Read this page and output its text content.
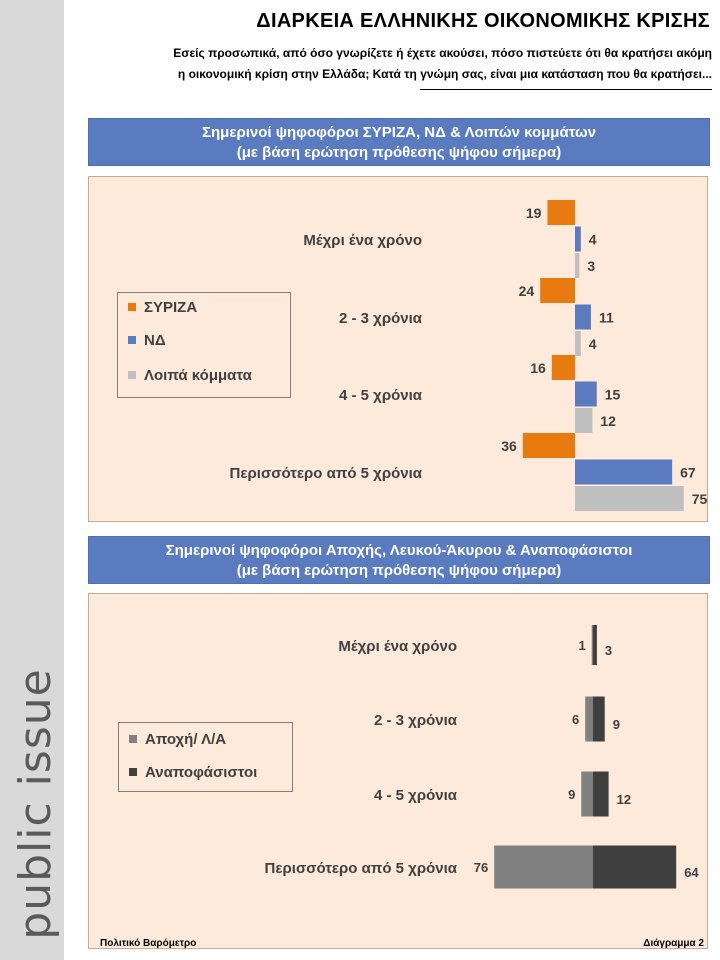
public issue
ΔΙΑΡΚΕΙΑ ΕΛΛΗΝΙΚΗΣ ΟΙΚΟΝΟΜΙΚΗΣ ΚΡΙΣΗΣ
Εσείς προσωπικά, από όσο γνωρίζετε ή έχετε ακούσει, πόσο πιστεύετε ότι θα κρατήσει ακόμη
η οικονομική κρίση στην Ελλάδα; Κατά τη γνώμη σας, είναι μια κατάσταση που θα κρατήσει...
Σημερινοί ψηφοφόροι ΣΥΡΙΖΑ, ΝΔ & Λοιπών κομμάτων
(με βάση ερώτηση πρόθεσης ψήφου σήμερα)
ΣΥΡΙΖΑ
ΝΔ
Λοιπά κόμματα
Σημερινοί ψηφοφόροι Αποχής, Λευκού-Άκυρου & Αναποφάσιστοι
(με βάση ερώτηση πρόθεσης ψήφου σήμερα)
Αποχή/ Λ/Α
Αναποφάσιστοι
Μέχρι ένα χρόνο
19
4
3
2 - 3 χρόνια
24
11
4
4 - 5 χρόνια
16
15
12
Περισσότερο από 5 χρόνια
36
67
75
Μέχρι ένα χρόνο	1 3
2 - 3 χρόνια	6	9
4 - 5 χρόνια	9	12
Περισσότερο από 5 χρόνια 76	64
Πολιτικό Βαρόμετρο	Διάγραμμα 2
